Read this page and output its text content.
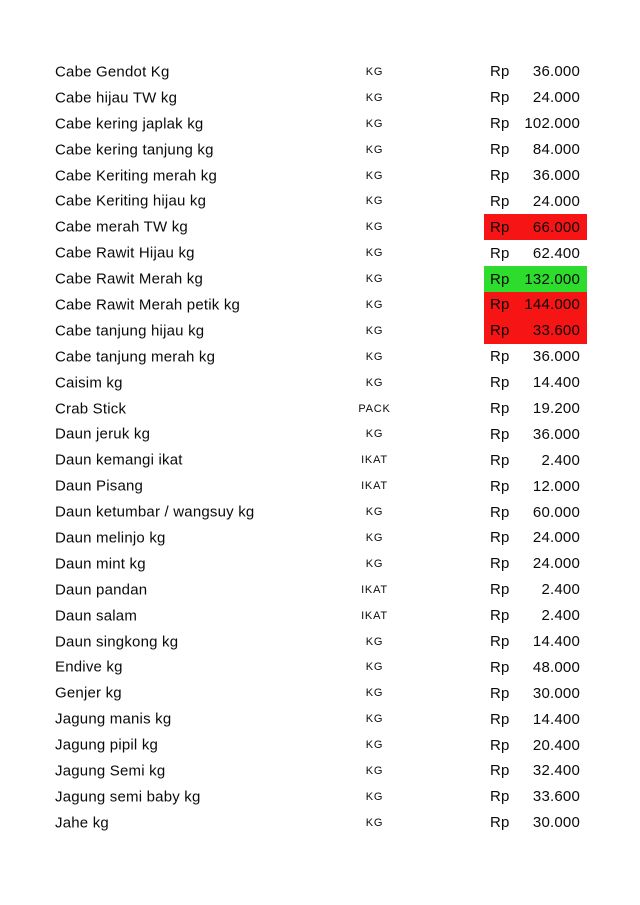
Cabe Gendot Kg	KG	Rp 36.000
Cabe hijau TW kg	KG	Rp 24.000
Cabe kering japlak kg	KG	Rp 102.000
Cabe kering tanjung kg	KG	Rp 84.000
Cabe Keriting merah kg	KG	Rp 36.000
Cabe Keriting hijau kg	KG	Rp 24.000
Cabe merah TW kg	KG	Rp 66.000
Cabe Rawit Hijau kg	KG	Rp 62.400
Cabe Rawit Merah kg	KG	Rp 132.000
Cabe Rawit Merah petik kg	KG	Rp 144.000
Cabe tanjung hijau kg	KG	Rp 33.600
Cabe tanjung merah kg	KG	Rp 36.000
Caisim kg	KG	Rp 14.400
Crab Stick	PACK	Rp 19.200
Daun jeruk kg	KG	Rp 36.000
Daun kemangi ikat	IKAT	Rp 2.400
Daun Pisang	IKAT	Rp 12.000
Daun ketumbar / wangsuy kg	KG	Rp 60.000
Daun melinjo kg	KG	Rp 24.000
Daun mint kg	KG	Rp 24.000
Daun pandan	IKAT	Rp 2.400
Daun salam	IKAT	Rp 2.400
Daun singkong kg	KG	Rp 14.400
Endive kg	KG	Rp 48.000
Genjer kg	KG	Rp 30.000
Jagung manis kg	KG	Rp 14.400
Jagung pipil kg	KG	Rp 20.400
Jagung Semi kg	KG	Rp 32.400
Jagung semi baby kg	KG	Rp 33.600
Jahe kg	KG	Rp 30.000
